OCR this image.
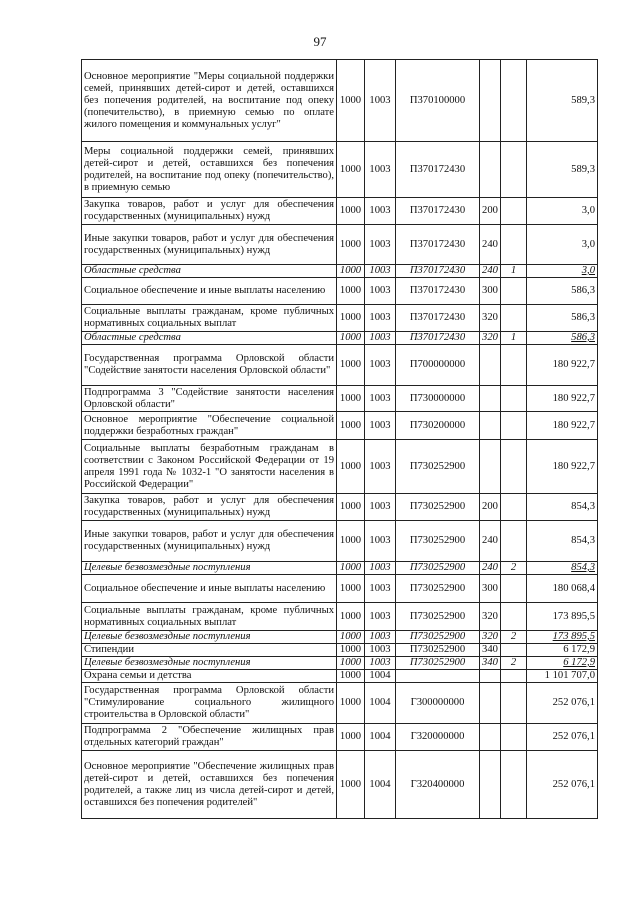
97
Основное мероприятие "Меры социальной поддержки семей, принявших детей-сирот и детей, оставшихся без попечения родителей, на воспитание под опеку (попечительство), в приемную семью по оплате жилого помещения и коммунальных услуг"	1000	1003	П370100000			589,3
Меры социальной поддержки семей, принявших детей-сирот и детей, оставшихся без попечения родителей, на воспитание под опеку (попечительство), в приемную семью	1000	1003	П370172430			589,3
Закупка товаров, работ и услуг для обеспечения государственных (муниципальных) нужд	1000	1003	П370172430	200		3,0
Иные закупки товаров, работ и услуг для обеспечения государственных (муниципальных) нужд	1000	1003	П370172430	240		3,0
Областные средства	1000	1003	П370172430	240	1	3,0
Социальное обеспечение и иные выплаты населению	1000	1003	П370172430	300		586,3
Социальные выплаты гражданам, кроме публичных нормативных социальных выплат	1000	1003	П370172430	320		586,3
Областные средства	1000	1003	П370172430	320	1	586,3
Государственная программа Орловской области "Содействие занятости населения Орловской области"	1000	1003	П700000000			180 922,7
Подпрограмма 3 "Содействие занятости населения Орловской области"	1000	1003	П730000000			180 922,7
Основное мероприятие "Обеспечение социальной поддержки безработных граждан"	1000	1003	П730200000			180 922,7
Социальные выплаты безработным гражданам в соответствии с Законом Российской Федерации от 19 апреля 1991 года № 1032-1 "О занятости населения в Российской Федерации"	1000	1003	П730252900			180 922,7
Закупка товаров, работ и услуг для обеспечения государственных (муниципальных) нужд	1000	1003	П730252900	200		854,3
Иные закупки товаров, работ и услуг для обеспечения государственных (муниципальных) нужд	1000	1003	П730252900	240		854,3
Целевые безвозмездные поступления	1000	1003	П730252900	240	2	854,3
Социальное обеспечение и иные выплаты населению	1000	1003	П730252900	300		180 068,4
Социальные выплаты гражданам, кроме публичных нормативных социальных выплат	1000	1003	П730252900	320		173 895,5
Целевые безвозмездные поступления	1000	1003	П730252900	320	2	173 895,5
Стипендии	1000	1003	П730252900	340		6 172,9
Целевые безвозмездные поступления	1000	1003	П730252900	340	2	6 172,9
Охрана семьи и детства	1000	1004				1 101 707,0
Государственная программа Орловской области "Стимулирование социального жилищного строительства в Орловской области"	1000	1004	Г300000000			252 076,1
Подпрограмма 2 "Обеспечение жилищных прав отдельных категорий граждан"	1000	1004	Г320000000			252 076,1
Основное мероприятие "Обеспечение жилищных прав детей-сирот и детей, оставшихся без попечения родителей, а также лиц из числа детей-сирот и детей, оставшихся без попечения родителей"	1000	1004	Г320400000			252 076,1
